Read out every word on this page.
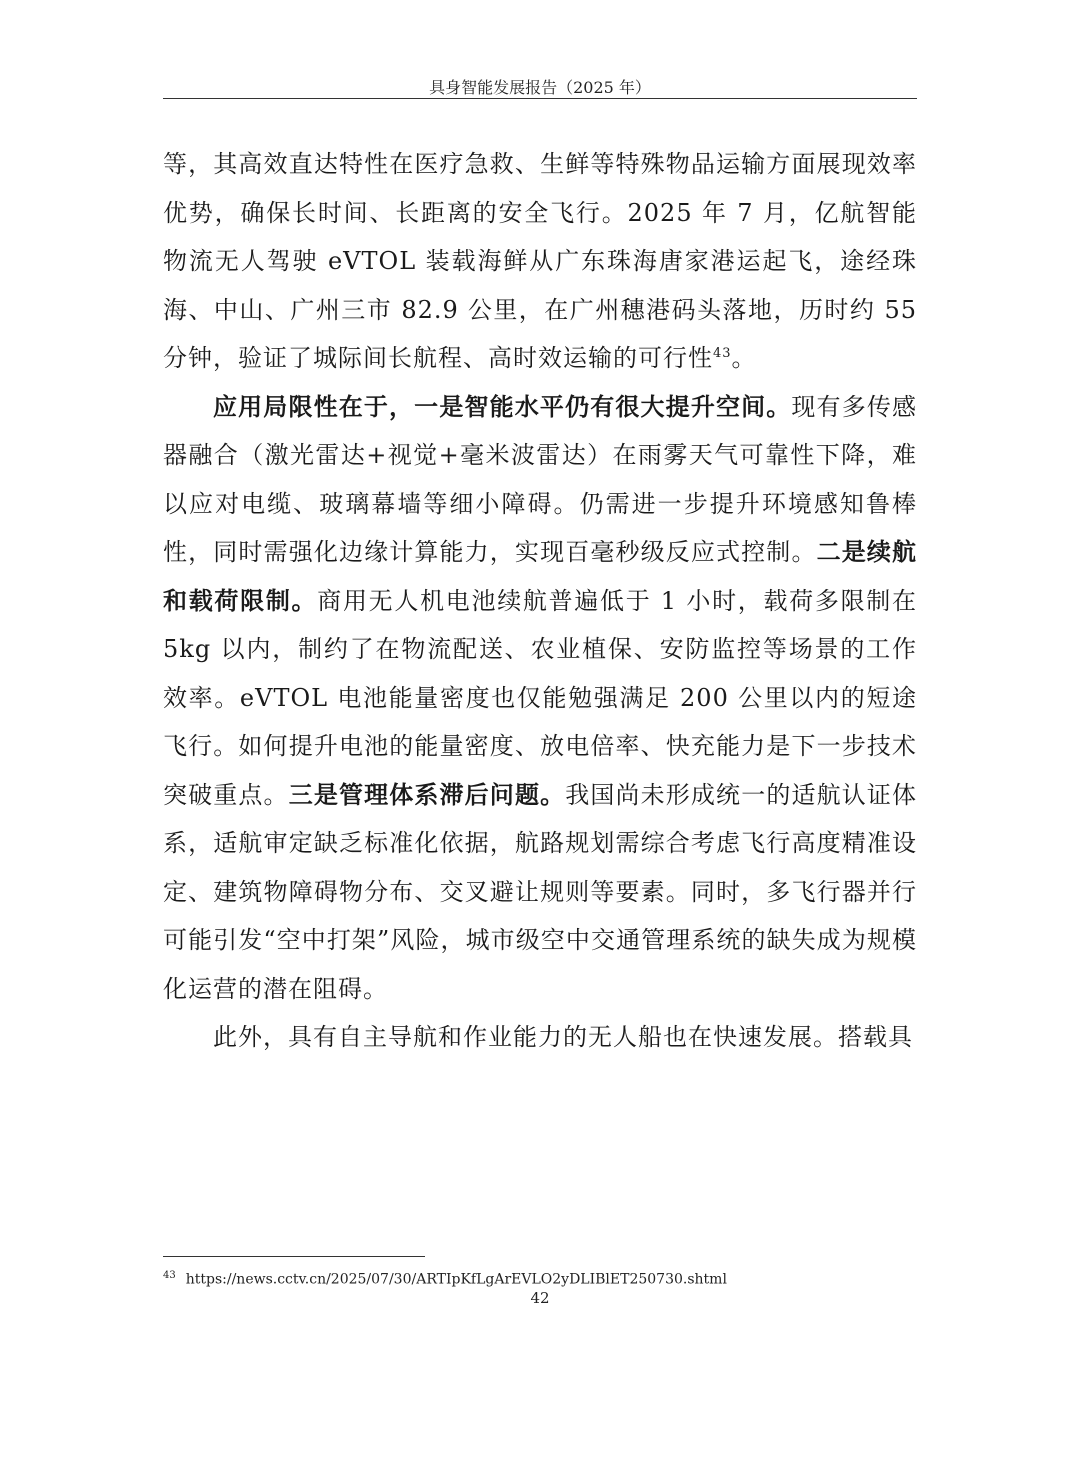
具身智能发展报告（2025 年）

等，其高效直达特性在医疗急救、生鲜等特殊物品运输方面展现效率优势，确保长时间、长距离的安全飞行。2025 年 7 月，亿航智能物流无人驾驶 eVTOL 装载海鲜从广东珠海唐家港运起飞，途经珠海、中山、广州三市 82.9 公里，在广州穗港码头落地，历时约 55 分钟，验证了城际间长航程、高时效运输的可行性$^{43}$。

应用局限性在于，一是智能水平仍有很大提升空间。现有多传感器融合（激光雷达+视觉+毫米波雷达）在雨雾天气可靠性下降，难以应对电缆、玻璃幕墙等细小障碍。仍需进一步提升环境感知鲁棒性，同时需强化边缘计算能力，实现百毫秒级反应式控制。二是续航和载荷限制。商用无人机电池续航普遍低于 1 小时，载荷多限制在 5kg 以内，制约了在物流配送、农业植保、安防监控等场景的工作效率。eVTOL 电池能量密度也仅能勉强满足 200 公里以内的短途飞行。如何提升电池的能量密度、放电倍率、快充能力是下一步技术突破重点。三是管理体系滞后问题。我国尚未形成统一的适航认证体系，适航审定缺乏标准化依据，航路规划需综合考虑飞行高度精准设定、建筑物障碍物分布、交叉避让规则等要素。同时，多飞行器并行可能引发“空中打架”风险，城市级空中交通管理系统的缺失成为规模化运营的潜在阻碍。

此外，具有自主导航和作业能力的无人船也在快速发展。搭载具

$^{43}$ https://news.cctv.cn/2025/07/30/ARTIpKfLgArEVLO2yDLIBlET250730.shtml
42
